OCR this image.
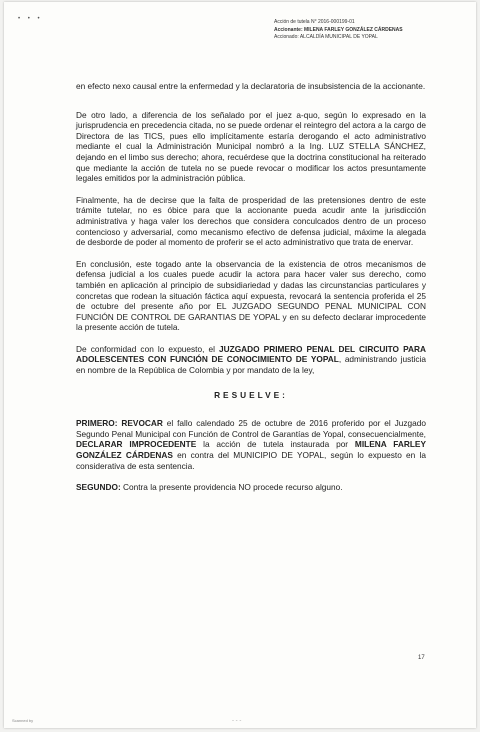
• • •	Acción de tutela N° 2016-000199-01
Accionante: MILENA FARLEY GONZÁLEZ CÁRDENAS
Accionado: ALCALDÍA MUNICIPAL DE YOPAL

en efecto nexo causal entre la enfermedad y la declaratoria de insubsistencia de la accionante.

De otro lado, a diferencia de los señalado por el juez a-quo, según lo expresado en la jurisprudencia en precedencia citada, no se puede ordenar el reintegro del actora a la cargo de Directora de las TICS, pues ello implícitamente estaría derogando el acto administrativo mediante el cual la Administración Municipal nombró a la Ing. LUZ STELLA SÁNCHEZ, dejando en el limbo sus derecho; ahora, recuérdese que la doctrina constitucional ha reiterado que mediante la acción de tutela no se puede revocar o modificar los actos presuntamente legales emitidos por la administración pública.

Finalmente, ha de decirse que la falta de prosperidad de las pretensiones dentro de este trámite tutelar, no es óbice para que la accionante pueda acudir ante la jurisdicción administrativa y haga valer los derechos que considera conculcados dentro de un proceso contencioso y adversarial, como mecanismo efectivo de defensa judicial, máxime la alegada de desborde de poder al momento de proferir se el acto administrativo que trata de enervar.

En conclusión, este togado ante la observancia de la existencia de otros mecanismos de defensa judicial a los cuales puede acudir la actora para hacer valer sus derecho, como también en aplicación al principio de subsidiariedad y dadas las circunstancias particulares y concretas que rodean la situación fáctica aquí expuesta, revocará la sentencia proferida el 25 de octubre del presente año por EL JUZGADO SEGUNDO PENAL MUNICIPAL CON FUNCIÓN DE CONTROL DE GARANTIAS DE YOPAL y en su defecto declarar improcedente la presente acción de tutela.

De conformidad con lo expuesto, el JUZGADO PRIMERO PENAL DEL CIRCUITO PARA ADOLESCENTES CON FUNCIÓN DE CONOCIMIENTO DE YOPAL, administrando justicia en nombre de la República de Colombia y por mandato de la ley,

RESUELVE:

PRIMERO: REVOCAR el fallo calendado 25 de octubre de 2016 proferido por el Juzgado Segundo Penal Municipal con Función de Control de Garantías de Yopal, consecuencialmente, DECLARAR IMPROCEDENTE la acción de tutela instaurada por MILENA FARLEY GONZÁLEZ CÁRDENAS en contra del MUNICIPIO DE YOPAL, según lo expuesto en la considerativa de esta sentencia.

SEGUNDO: Contra la presente providencia NO procede recurso alguno.

17
Scanned by	- - -
